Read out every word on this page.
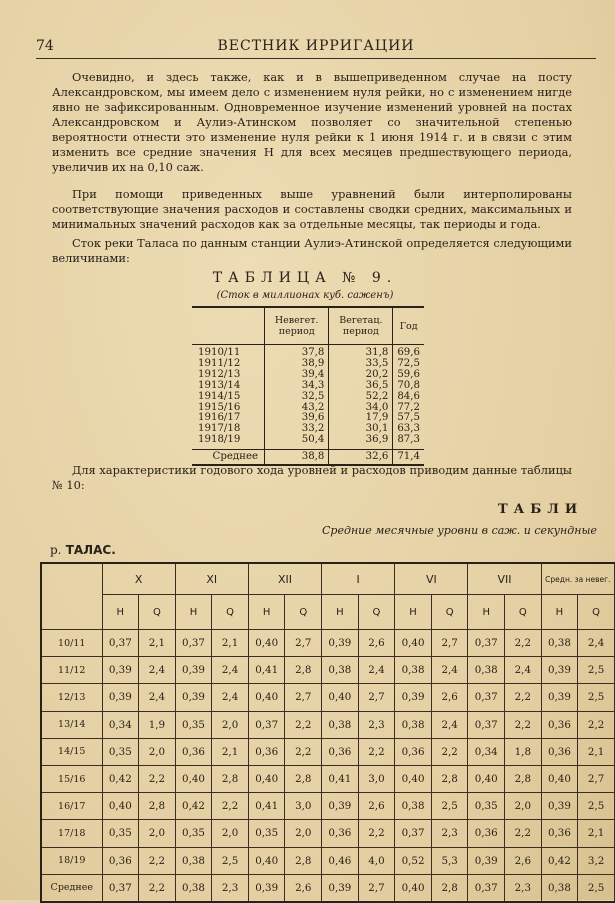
74	ВЕСТНИК ИРРИГАЦИИ

Очевидно, и здесь также, как и в вышеприведенном случае на посту Александровском, мы имеем дело с изменением нуля рейки, но с изменением нигде явно не зафиксированным. Одновременное изучение изменений уровней на постах Александровском и Аулиэ-Атинском позволяет со значительной степенью вероятности отнести это изменение нуля рейки к 1 июня 1914 г. и в связи с этим изменить все средние значения Н для всех месяцев предшествующего периода, увеличив их на 0,10 саж.

При помощи приведенных выше уравнений были интерполированы соответствующие значения расходов и составлены сводки средних, максимальных и минимальных значений расходов как за отдельные месяцы, так периоды и года.

Сток реки Таласа по данным станции Аулиэ-Атинской определяется следующими величинами:

ТАБЛИЦА № 9.
(Сток в миллионах куб. саженъ)
	Невегет. период	Вегетац. период	Год
1910/11	37,8	31,8	69,6
1911/12	38,9	33,5	72,5
1912/13	39,4	20,2	59,6
1913/14	34,3	36,5	70,8
1914/15	32,5	52,2	84,6
1915/16	43,2	34,0	77,2
1916/17	39,6	17,9	57,5
1917/18	33,2	30,1	63,3
1918/19	50,4	36,9	87,3
Среднее	38,8	32,6	71,4

Для характеристики годового хода уровней и расходов приводим данные таблицы № 10:

ТАБЛИ
Средние месячные уровни в саж. и секундные
р. ТАЛАС.
	X		XI		XII		I		VI		VII		Средн. за невег.	
	H	Q	H	Q	H	Q	H	Q	H	Q	H	Q	H	Q
10/11	0,37	2,1	0,37	2,1	0,40	2,7	0,39	2,6	0,40	2,7	0,37	2,2	0,38	2,4
11/12	0,39	2,4	0,39	2,4	0,41	2,8	0,38	2,4	0,38	2,4	0,38	2,4	0,39	2,5
12/13	0,39	2,4	0,39	2,4	0,40	2,7	0,40	2,7	0,39	2,6	0,37	2,2	0,39	2,5
13/14	0,34	1,9	0,35	2,0	0,37	2,2	0,38	2,3	0,38	2,4	0,37	2,2	0,36	2,2
14/15	0,35	2,0	0,36	2,1	0,36	2,2	0,36	2,2	0,36	2,2	0,34	1,8	0,36	2,1
15/16	0,42	2,2	0,40	2,8	0,40	2,8	0,41	3,0	0,40	2,8	0,40	2,8	0,40	2,7
16/17	0,40	2,8	0,42	2,2	0,41	3,0	0,39	2,6	0,38	2,5	0,35	2,0	0,39	2,5
17/18	0,35	2,0	0,35	2,0	0,35	2,0	0,36	2,2	0,37	2,3	0,36	2,2	0,36	2,1
18/19	0,36	2,2	0,38	2,5	0,40	2,8	0,46	4,0	0,52	5,3	0,39	2,6	0,42	3,2
Среднее	0,37	2,2	0,38	2,3	0,39	2,6	0,39	2,7	0,40	2,8	0,37	2,3	0,38	2,5
